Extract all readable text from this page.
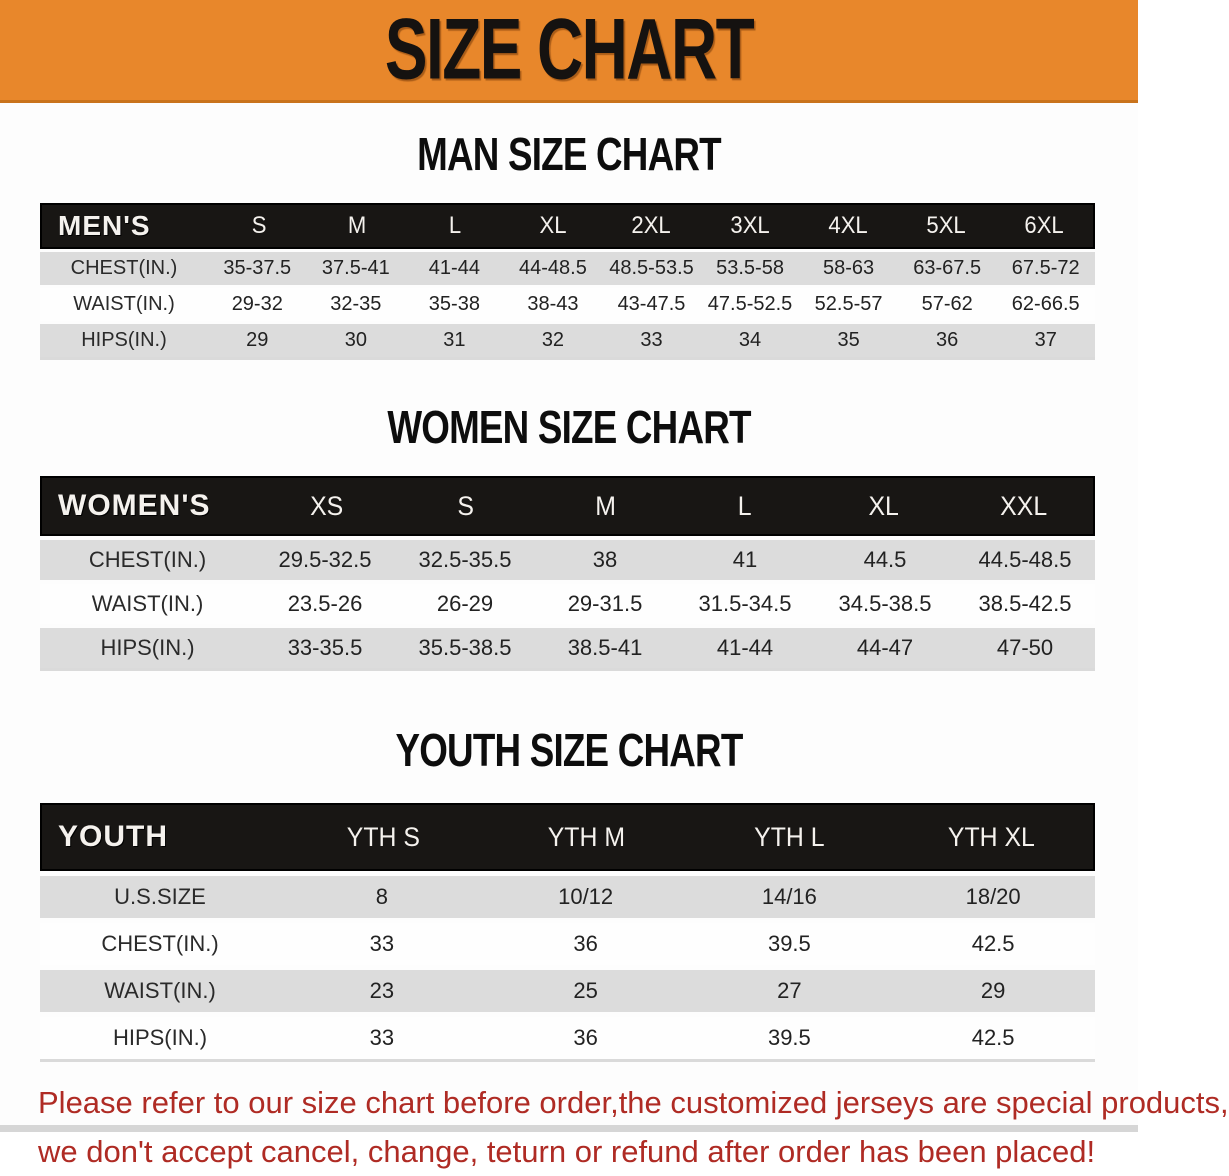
SIZE CHART
MAN SIZE CHART
MEN'S	S	M	L	XL	2XL	3XL	4XL	5XL	6XL
CHEST(IN.)	35-37.5	37.5-41	41-44	44-48.5	48.5-53.5	53.5-58	58-63	63-67.5	67.5-72
WAIST(IN.)	29-32	32-35	35-38	38-43	43-47.5	47.5-52.5	52.5-57	57-62	62-66.5
HIPS(IN.)	29	30	31	32	33	34	35	36	37
WOMEN SIZE CHART
WOMEN'S	XS	S	M	L	XL	XXL
CHEST(IN.)	29.5-32.5	32.5-35.5	38	41	44.5	44.5-48.5
WAIST(IN.)	23.5-26	26-29	29-31.5	31.5-34.5	34.5-38.5	38.5-42.5
HIPS(IN.)	33-35.5	35.5-38.5	38.5-41	41-44	44-47	47-50
YOUTH SIZE CHART
YOUTH	YTH S	YTH M	YTH L	YTH XL
U.S.SIZE	8	10/12	14/16	18/20
CHEST(IN.)	33	36	39.5	42.5
WAIST(IN.)	23	25	27	29
HIPS(IN.)	33	36	39.5	42.5

Please refer to our size chart before order,the customized jerseys are special products,

we don't accept cancel, change, teturn or refund after order has been placed!
